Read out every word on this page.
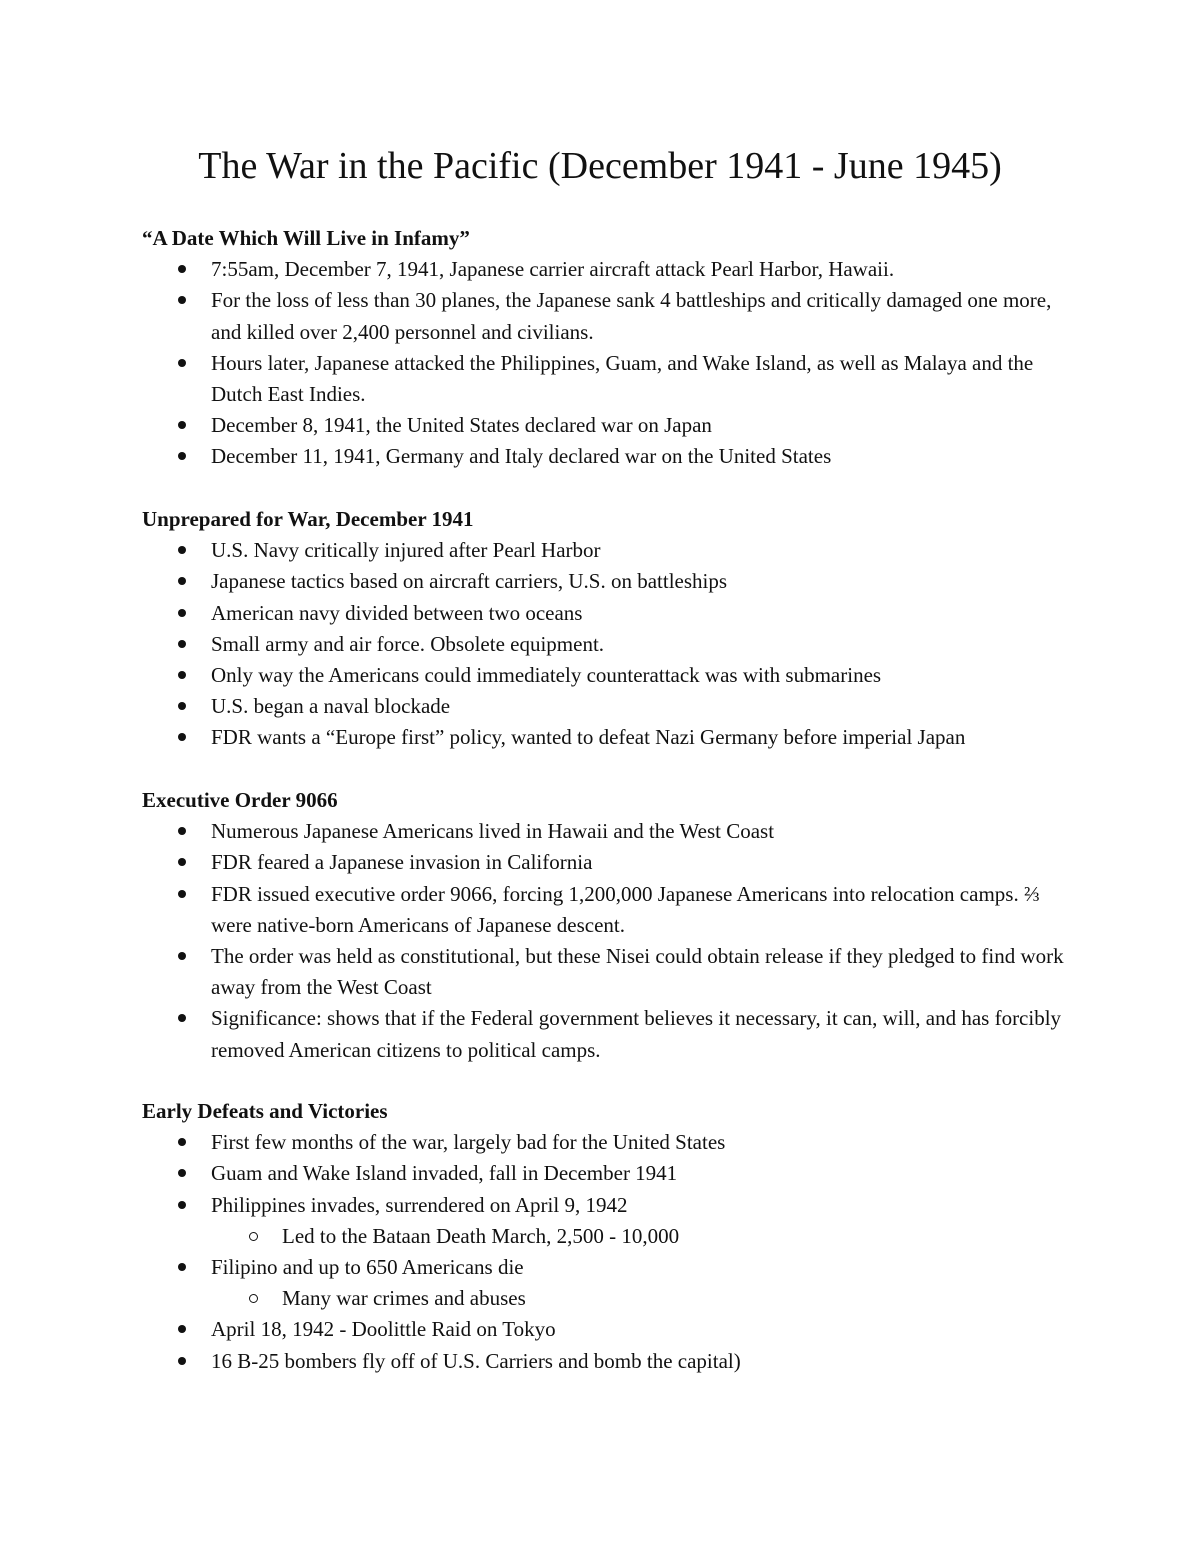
The War in the Pacific (December 1941 - June 1945)

“A Date Which Will Live in Infamy”

7:55am, December 7, 1941, Japanese carrier aircraft attack Pearl Harbor, Hawaii.
For the loss of less than 30 planes, the Japanese sank 4 battleships and critically damaged one more, and killed over 2,400 personnel and civilians.
Hours later, Japanese attacked the Philippines, Guam, and Wake Island, as well as Malaya and the Dutch East Indies.
December 8, 1941, the United States declared war on Japan
December 11, 1941, Germany and Italy declared war on the United States

Unprepared for War, December 1941

U.S. Navy critically injured after Pearl Harbor
Japanese tactics based on aircraft carriers, U.S. on battleships
American navy divided between two oceans
Small army and air force. Obsolete equipment.
Only way the Americans could immediately counterattack was with submarines
U.S. began a naval blockade
FDR wants a “Europe first” policy, wanted to defeat Nazi Germany before imperial Japan

Executive Order 9066

Numerous Japanese Americans lived in Hawaii and the West Coast
FDR feared a Japanese invasion in California
FDR issued executive order 9066, forcing 1,200,000 Japanese Americans into relocation camps. ⅔ were native-born Americans of Japanese descent.
The order was held as constitutional, but these Nisei could obtain release if they pledged to find work away from the West Coast
Significance: shows that if the Federal government believes it necessary, it can, will, and has forcibly removed American citizens to political camps.

Early Defeats and Victories

First few months of the war, largely bad for the United States
Guam and Wake Island invaded, fall in December 1941
Philippines invades, surrendered on April 9, 1942
Led to the Bataan Death March, 2,500 - 10,000
Filipino and up to 650 Americans die
Many war crimes and abuses
April 18, 1942 - Doolittle Raid on Tokyo
16 B-25 bombers fly off of U.S. Carriers and bomb the capital)
